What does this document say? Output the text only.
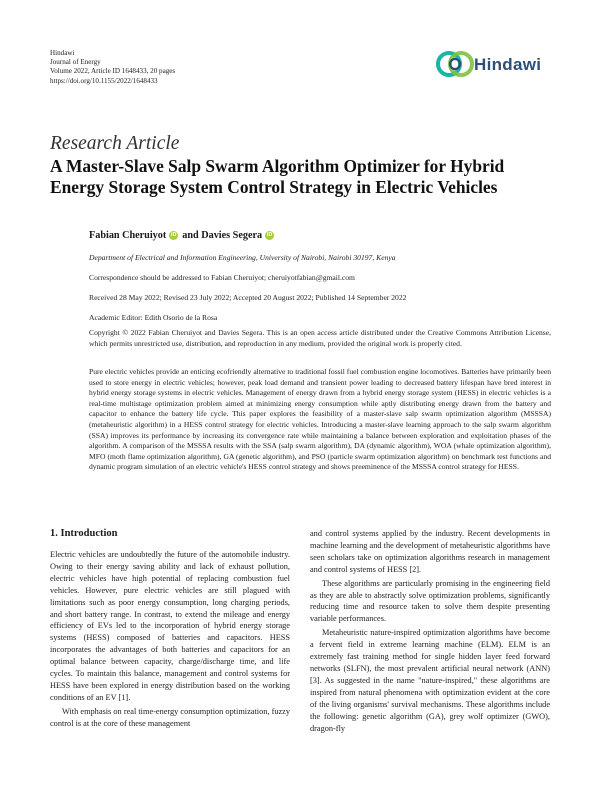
Hindawi
Journal of Energy
Volume 2022, Article ID 1648433, 20 pages
https://doi.org/10.1155/2022/1648433
Hindawi
Research Article
A Master-Slave Salp Swarm Algorithm Optimizer for Hybrid Energy Storage System Control Strategy in Electric Vehicles
Fabian Cheruiyot iD and
Davies Segera iD
Department of Electrical and Information Engineering, University of Nairobi, Nairobi 30197, Kenya
Correspondence should be addressed to Fabian Cheruiyot; cheruiyotfabian@gmail.com
Received 28 May 2022; Revised 23 July 2022; Accepted 20 August 2022; Published 14 September 2022
Academic Editor: Edith Osorio de la Rosa
Copyright © 2022 Fabian Cheruiyot and Davies Segera. This is an open access article distributed under the Creative Commons Attribution License, which permits unrestricted use, distribution, and reproduction in any medium, provided the original work is properly cited.
Pure electric vehicles provide an enticing ecofriendly alternative to traditional fossil fuel combustion engine locomotives. Batteries have primarily been used to store energy in electric vehicles; however, peak load demand and transient power leading to decreased battery lifespan have bred interest in hybrid energy storage systems in electric vehicles. Management of energy drawn from a hybrid energy storage system (HESS) in electric vehicles is a real-time multistage optimization problem aimed at minimizing energy consumption while aptly distributing energy drawn from the battery and capacitor to enhance the battery life cycle. This paper explores the feasibility of a master-slave salp swarm optimization algorithm (MSSSA) (metaheuristic algorithm) in a HESS control strategy for electric vehicles. Introducing a master-slave learning approach to the salp swarm algorithm (SSA) improves its performance by increasing its convergence rate while maintaining a balance between exploration and exploitation phases of the algorithm. A comparison of the MSSSA results with the SSA (salp swarm algorithm), DA (dynamic algorithm), WOA (whale optimization algorithm), MFO (moth flame optimization algorithm), GA (genetic algorithm), and PSO (particle swarm optimization algorithm) on benchmark test functions and dynamic program simulation of an electric vehicle's HESS control strategy and shows preeminence of the MSSSA control strategy for HESS.
1. Introduction

Electric vehicles are undoubtedly the future of the automobile industry. Owing to their energy saving ability and lack of exhaust pollution, electric vehicles have high potential of replacing combustion fuel vehicles. However, pure electric vehicles are still plagued with limitations such as poor energy consumption, long charging periods, and short battery range. In contrast, to extend the mileage and energy efficiency of EVs led to the incorporation of hybrid energy storage systems (HESS) composed of batteries and capacitors. HESS incorporates the advantages of both batteries and capacitors for an optimal balance between capacity, charge/discharge time, and life cycles. To maintain this balance, management and control systems for HESS have been explored in energy distribution based on the working conditions of an EV [1].

With emphasis on real time-energy consumption optimization, fuzzy control is at the core of these management

and control systems applied by the industry. Recent developments in machine learning and the development of metaheuristic algorithms have seen scholars take on optimization algorithms research in management and control systems of HESS [2].

These algorithms are particularly promising in the engineering field as they are able to abstractly solve optimization problems, significantly reducing time and resource taken to solve them despite presenting variable performances.

Metaheuristic nature-inspired optimization algorithms have become a fervent field in extreme learning machine (ELM). ELM is an extremely fast training method for single hidden layer feed forward networks (SLFN), the most prevalent artificial neural network (ANN) [3]. As suggested in the name "nature-inspired," these algorithms are inspired from natural phenomena with optimization evident at the core of the living organisms' survival mechanisms. These algorithms include the following: genetic algorithm (GA), grey wolf optimizer (GWO), dragon-fly
